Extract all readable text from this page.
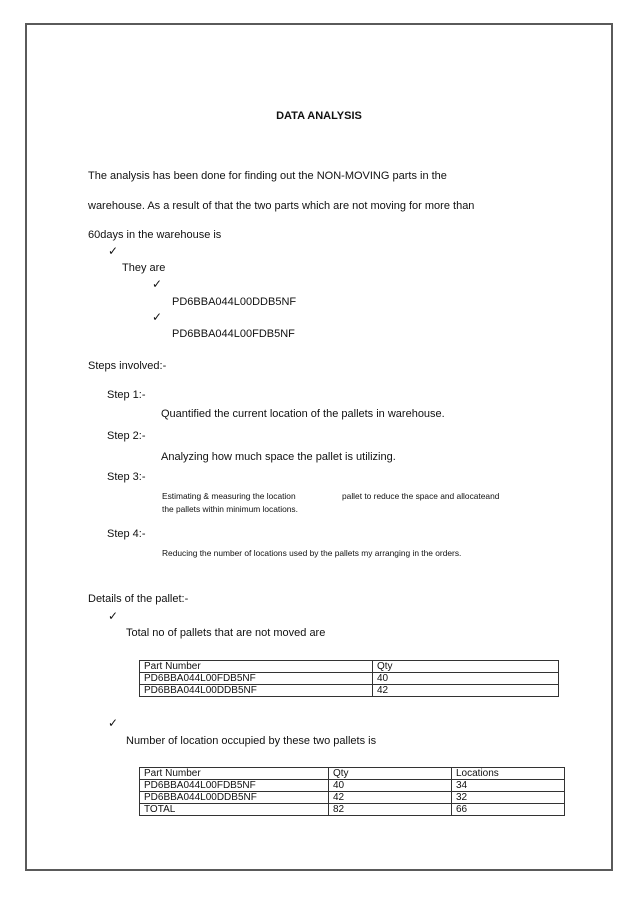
DATA ANALYSIS
The analysis has been done for finding out the NON-MOVING parts in the
warehouse. As a result of that the two parts which are not moving for more than
60days in the warehouse is
✓
They are
✓
PD6BBA044L00DDB5NF
✓
PD6BBA044L00FDB5NF
Steps involved:-
Step 1:-
Quantified the current location of the pallets in warehouse.
Step 2:-
Analyzing how much space the pallet is utilizing.
Step 3:-
Estimating & measuring the location	pallet to reduce the space and allocateand
the pallets within minimum locations.
Step 4:-
Reducing the number of locations used by the pallets my arranging in the orders.
Details of the pallet:-
✓
Total no of pallets that are not moved are
Part Number	Qty
PD6BBA044L00FDB5NF	40
PD6BBA044L00DDB5NF	42
✓
Number of location occupied by these two pallets is
Part Number	Qty	Locations
PD6BBA044L00FDB5NF	40	34
PD6BBA044L00DDB5NF	42	32
TOTAL	82	66
